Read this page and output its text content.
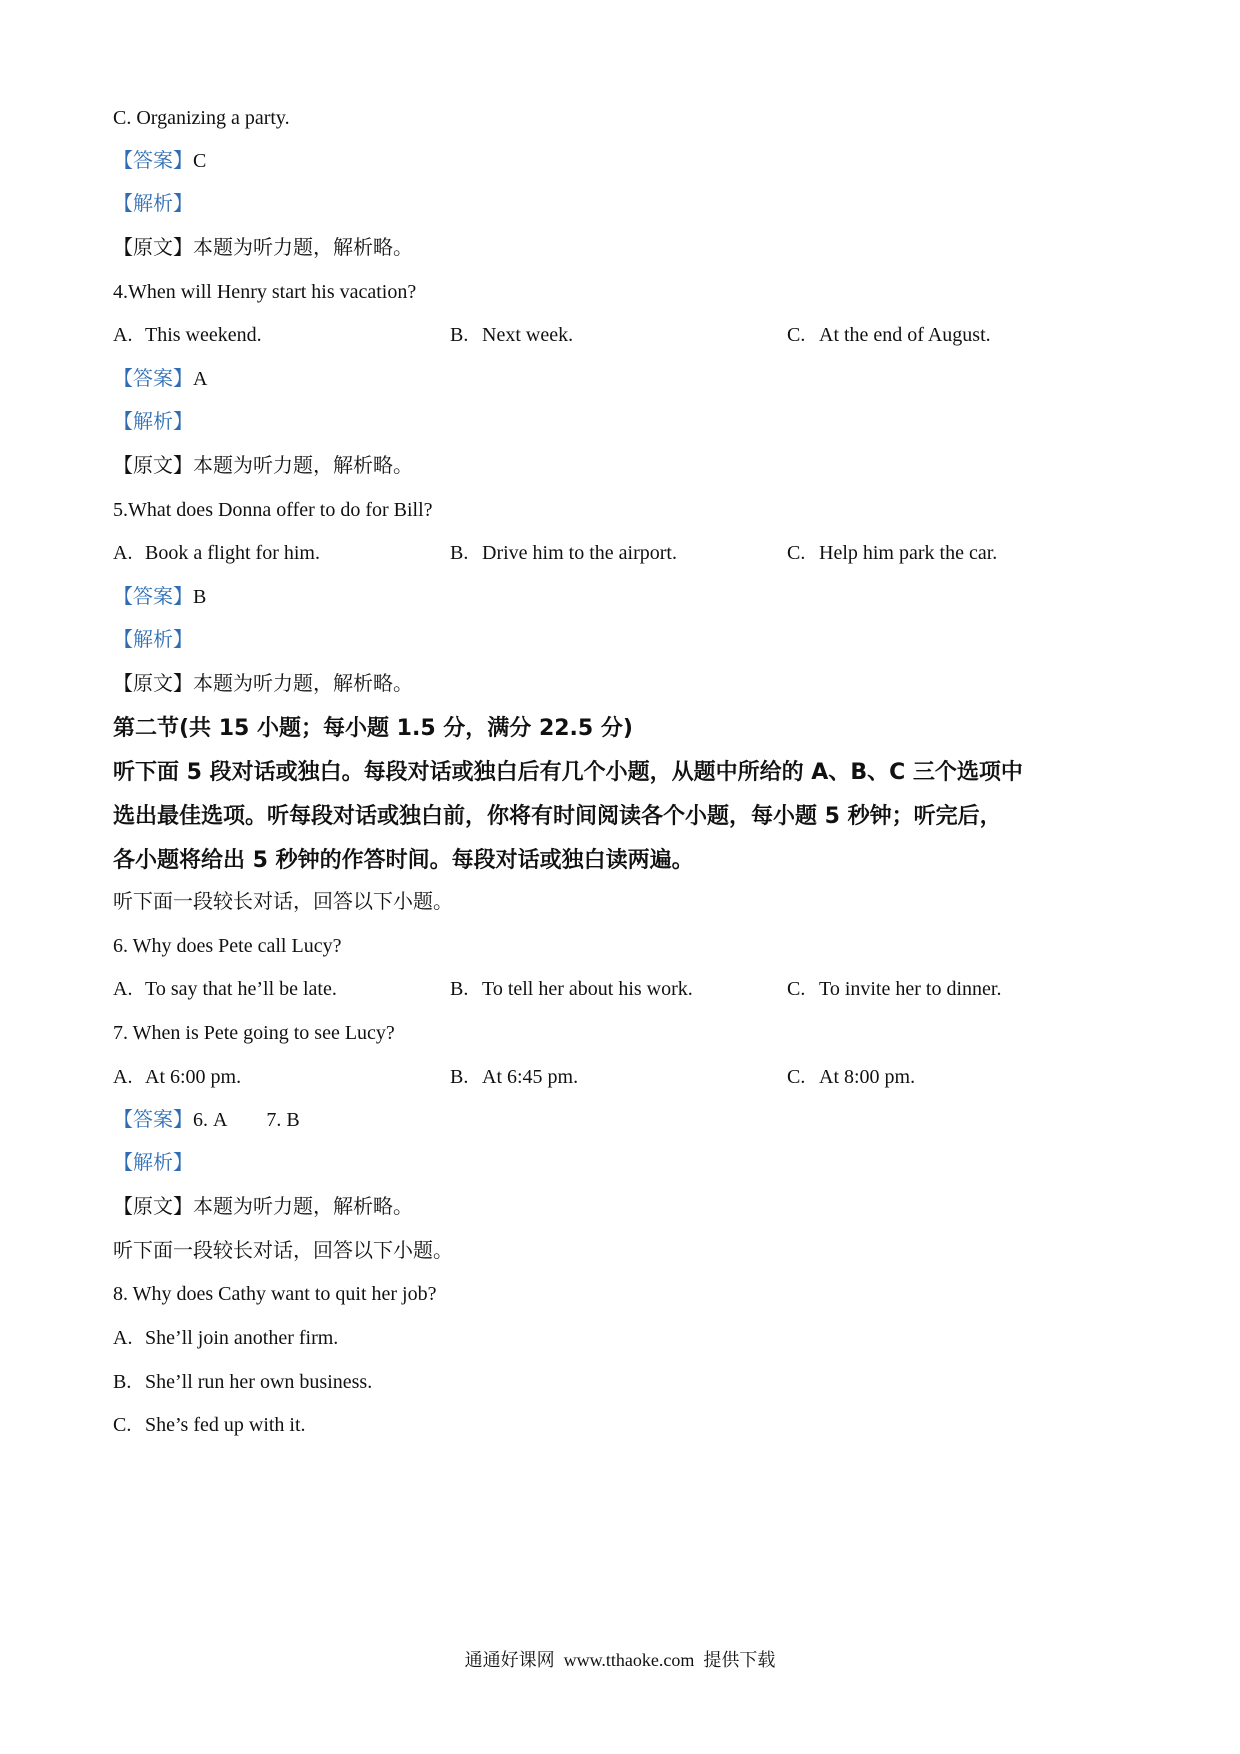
C. Organizing a party.
【答案】C
【解析】
【原文】本题为听力题，解析略。
4.When will Henry start his vacation?
A. This weekend.	B. Next week.	C. At the end of August.
【答案】A
【解析】
【原文】本题为听力题，解析略。
5.What does Donna offer to do for Bill?
A. Book a flight for him.	B. Drive him to the airport.	C. Help him park the car.
【答案】B
【解析】
【原文】本题为听力题，解析略。
第二节(共 15 小题；每小题 1.5 分，满分 22.5 分)
听下面 5 段对话或独白。每段对话或独白后有几个小题，从题中所给的 A、B、C 三个选项中
选出最佳选项。听每段对话或独白前，你将有时间阅读各个小题，每小题 5 秒钟；听完后，
各小题将给出 5 秒钟的作答时间。每段对话或独白读两遍。
听下面一段较长对话，回答以下小题。
6. Why does Pete call Lucy?
A. To say that he’ll be late.	B. To tell her about his work.	C. To invite her to dinner.
7. When is Pete going to see Lucy?
A. At 6:00 pm.	B. At 6:45 pm.	C. At 8:00 pm.
【答案】6. A        7. B
【解析】
【原文】本题为听力题，解析略。
听下面一段较长对话，回答以下小题。
8. Why does Cathy want to quit her job?
A. She’ll join another firm.
B. She’ll run her own business.
C. She’s fed up with it.
通通好课网  www.tthaoke.com  提供下载
